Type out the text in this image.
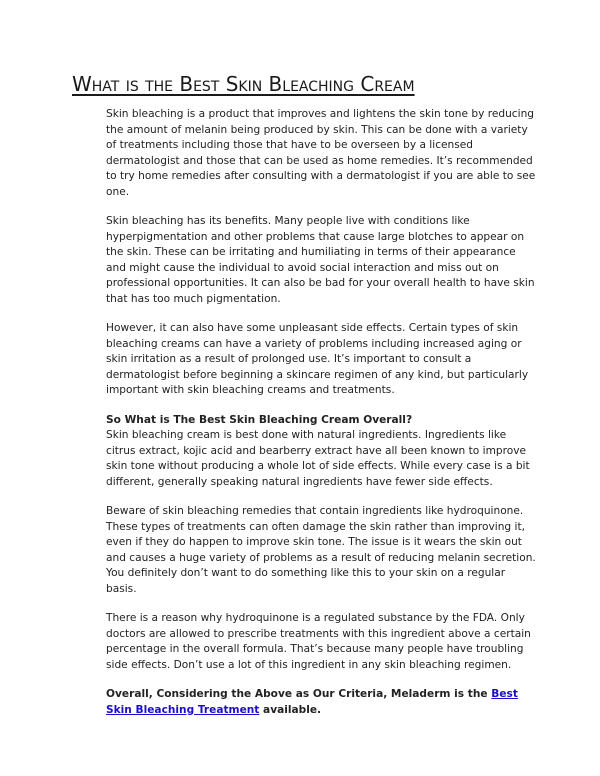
What is the Best Skin Bleaching Cream

Skin bleaching is a product that improves and lightens the skin tone by reducing the amount of melanin being produced by skin. This can be done with a variety of treatments including those that have to be overseen by a licensed dermatologist and those that can be used as home remedies. It’s recommended to try home remedies after consulting with a dermatologist if you are able to see one.

Skin bleaching has its benefits. Many people live with conditions like hyperpigmentation and other problems that cause large blotches to appear on the skin. These can be irritating and humiliating in terms of their appearance and might cause the individual to avoid social interaction and miss out on professional opportunities. It can also be bad for your overall health to have skin that has too much pigmentation.

However, it can also have some unpleasant side effects. Certain types of skin bleaching creams can have a variety of problems including increased aging or skin irritation as a result of prolonged use. It’s important to consult a dermatologist before beginning a skincare regimen of any kind, but particularly important with skin bleaching creams and treatments.

So What is The Best Skin Bleaching Cream Overall?

Skin bleaching cream is best done with natural ingredients. Ingredients like citrus extract, kojic acid and bearberry extract have all been known to improve skin tone without producing a whole lot of side effects. While every case is a bit different, generally speaking natural ingredients have fewer side effects.

Beware of skin bleaching remedies that contain ingredients like hydroquinone. These types of treatments can often damage the skin rather than improving it, even if they do happen to improve skin tone. The issue is it wears the skin out and causes a huge variety of problems as a result of reducing melanin secretion. You definitely don’t want to do something like this to your skin on a regular basis.

There is a reason why hydroquinone is a regulated substance by the FDA. Only doctors are allowed to prescribe treatments with this ingredient above a certain percentage in the overall formula. That’s because many people have troubling side effects. Don’t use a lot of this ingredient in any skin bleaching regimen.

Overall, Considering the Above as Our Criteria, Meladerm is the Best Skin Bleaching Treatment available.
